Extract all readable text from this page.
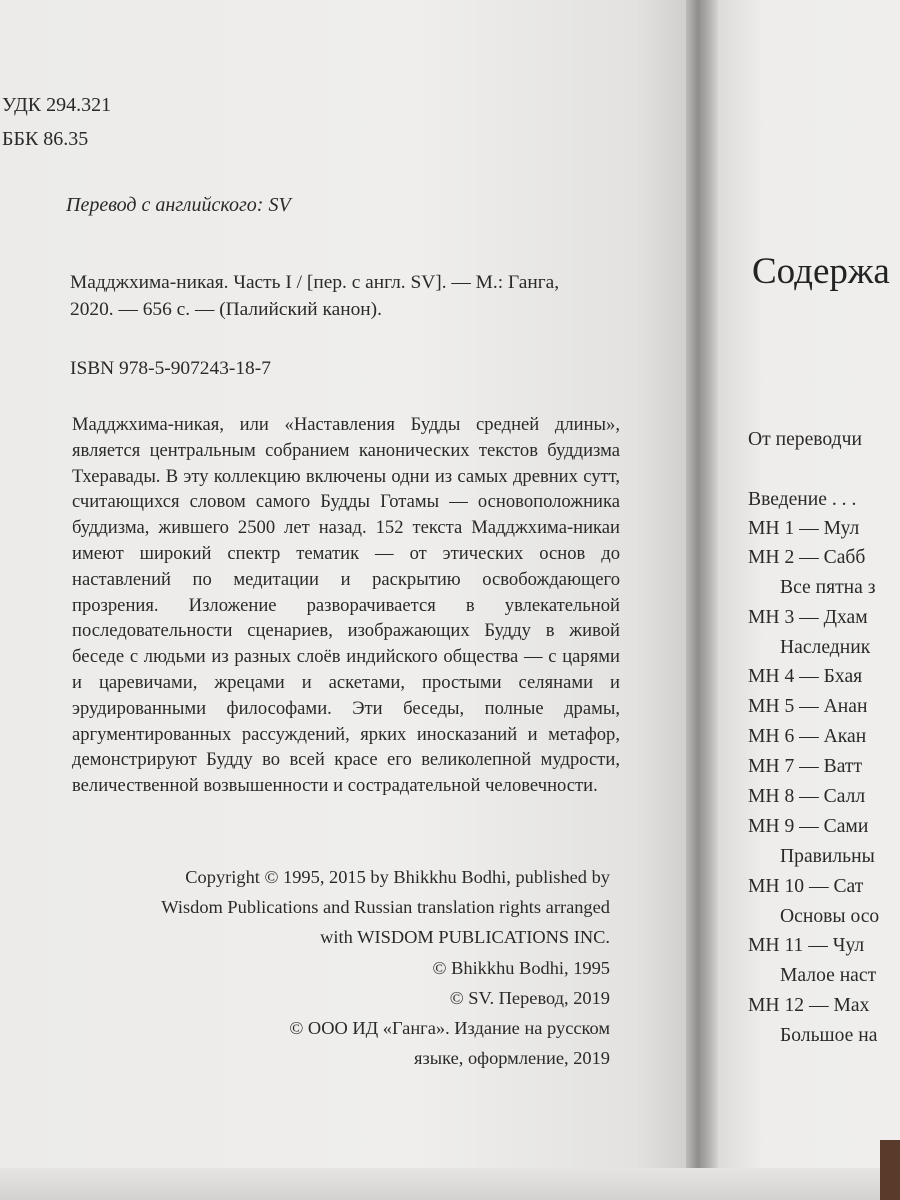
УДК 294.321
ББК 86.35
Перевод с английского: SV
Мадджхима-никая. Часть I / [пер. с англ. SV]. — М.: Ганга,
2020. — 656 с. — (Палийский канон).
ISBN 978-5-907243-18-7
Мадджхима-никая, или «Наставления Будды средней длины», является центральным собранием канонических текстов буддизма Тхеравады. В эту коллекцию включены одни из самых древних сутт, считающихся словом самого Будды Готамы — основоположника буддизма, жившего 2500 лет назад. 152 текста Мадджхима-никаи имеют широкий спектр тематик — от этических основ до наставлений по медитации и раскрытию освобождающего прозрения. Изложение разворачивается в увлекательной последовательности сценариев, изображающих Будду в живой беседе с людьми из разных слоёв индийского общества — с царями и царевичами, жрецами и аскетами, простыми селянами и эрудированными философами. Эти беседы, полные драмы, аргументированных рассуждений, ярких иносказаний и метафор, демонстрируют Будду во всей красе его великолепной мудрости, величественной возвышенности и сострадательной человечности.
Copyright © 1995, 2015 by Bhikkhu Bodhi, published by
Wisdom Publications and Russian translation rights arranged
with WISDOM PUBLICATIONS INC.
© Bhikkhu Bodhi, 1995
© SV. Перевод, 2019
© ООО ИД «Ганга». Издание на русском
языке, оформление, 2019
Содержа
От переводчи
Введение . . .
МН 1 — Мул
МН 2 — Сабб
Все пятна з
МН 3 — Дхам
Наследник
МН 4 — Бхая
МН 5 — Анан
МН 6 — Акан
МН 7 — Ватт
МН 8 — Салл
МН 9 — Сами
Правильны
МН 10 — Сат
Основы осо
МН 11 — Чул
Малое наст
МН 12 — Мах
Большое на
